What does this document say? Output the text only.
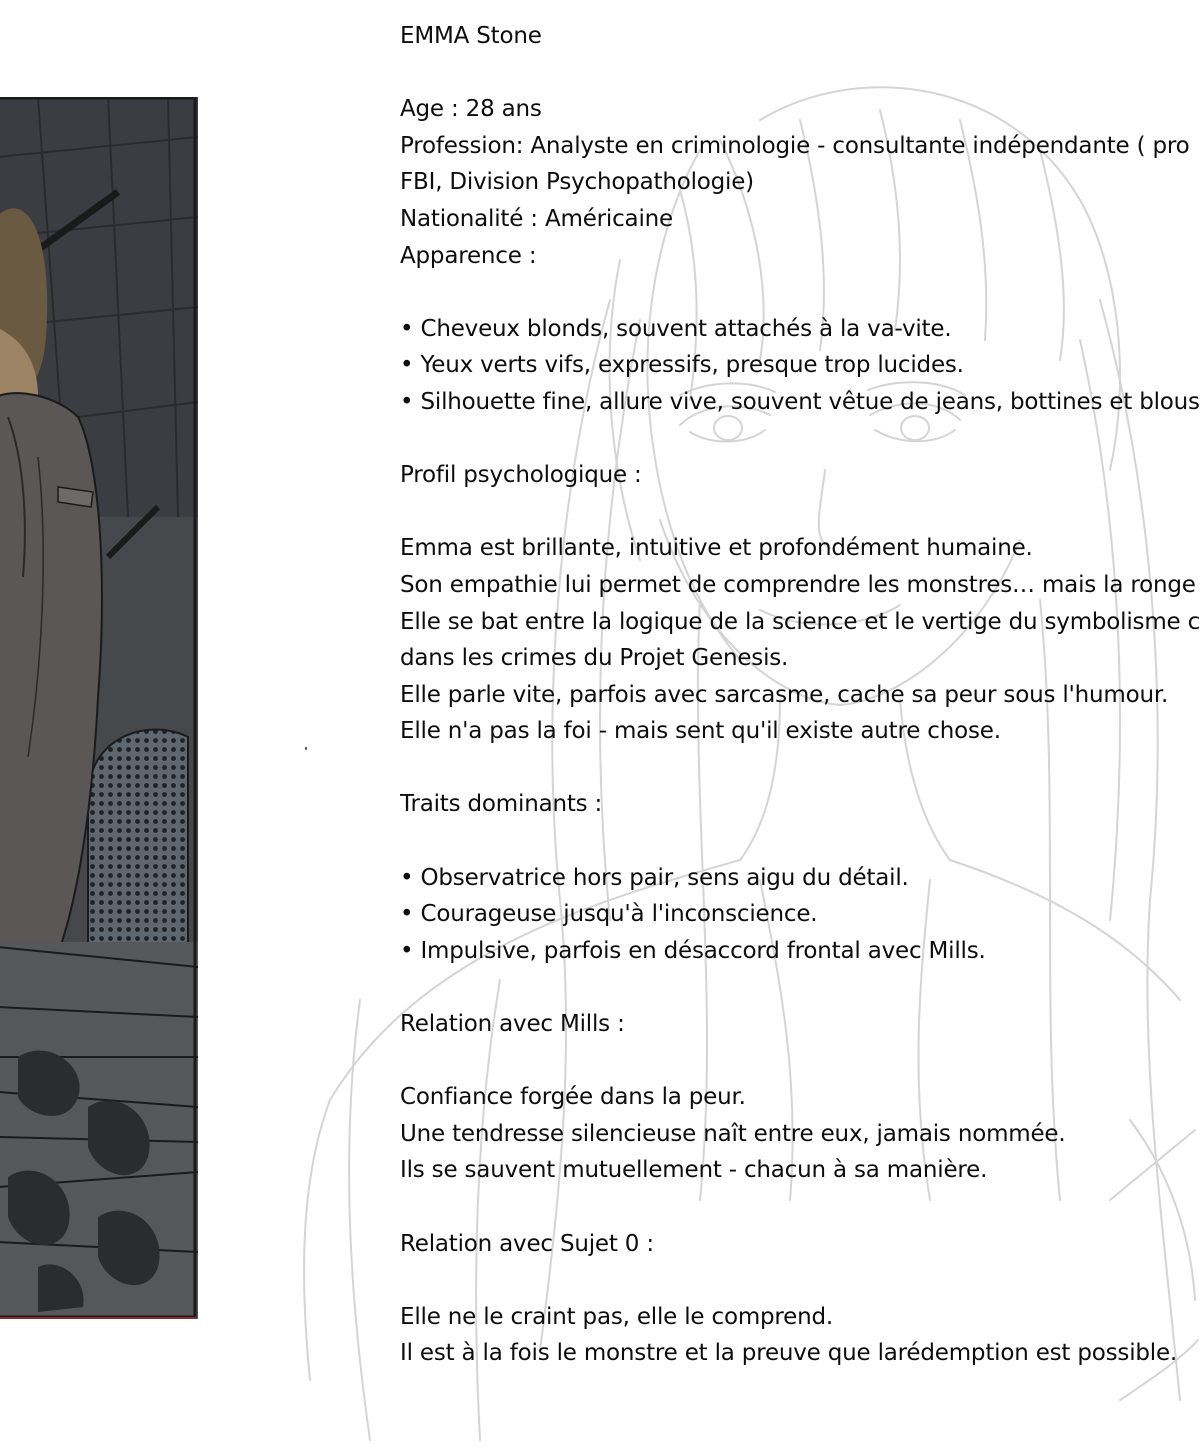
EMMA Stone
Age : 28 ans
Profession: Analyste en criminologie - consultante indépendante ( pro
FBI, Division Psychopathologie)
Nationalité : Américaine
Apparence :
• Cheveux blonds, souvent attachés à la va-vite.
• Yeux verts vifs, expressifs, presque trop lucides.
• Silhouette fine, allure vive, souvent vêtue de jeans, bottines et blous
Profil psychologique :
Emma est brillante, intuitive et profondément humaine.
Son empathie lui permet de comprendre les monstres… mais la ronge
Elle se bat entre la logique de la science et le vertige du symbolisme c
dans les crimes du Projet Genesis.
Elle parle vite, parfois avec sarcasme, cache sa peur sous l'humour.
Elle n'a pas la foi - mais sent qu'il existe autre chose.
Traits dominants :
• Observatrice hors pair, sens aigu du détail.
• Courageuse jusqu'à l'inconscience.
• Impulsive, parfois en désaccord frontal avec Mills.
Relation avec Mills :
Confiance forgée dans la peur.
Une tendresse silencieuse naît entre eux, jamais nommée.
Ils se sauvent mutuellement - chacun à sa manière.
Relation avec Sujet 0 :
Elle ne le craint pas, elle le comprend.
Il est à la fois le monstre et la preuve que larédemption est possible.
